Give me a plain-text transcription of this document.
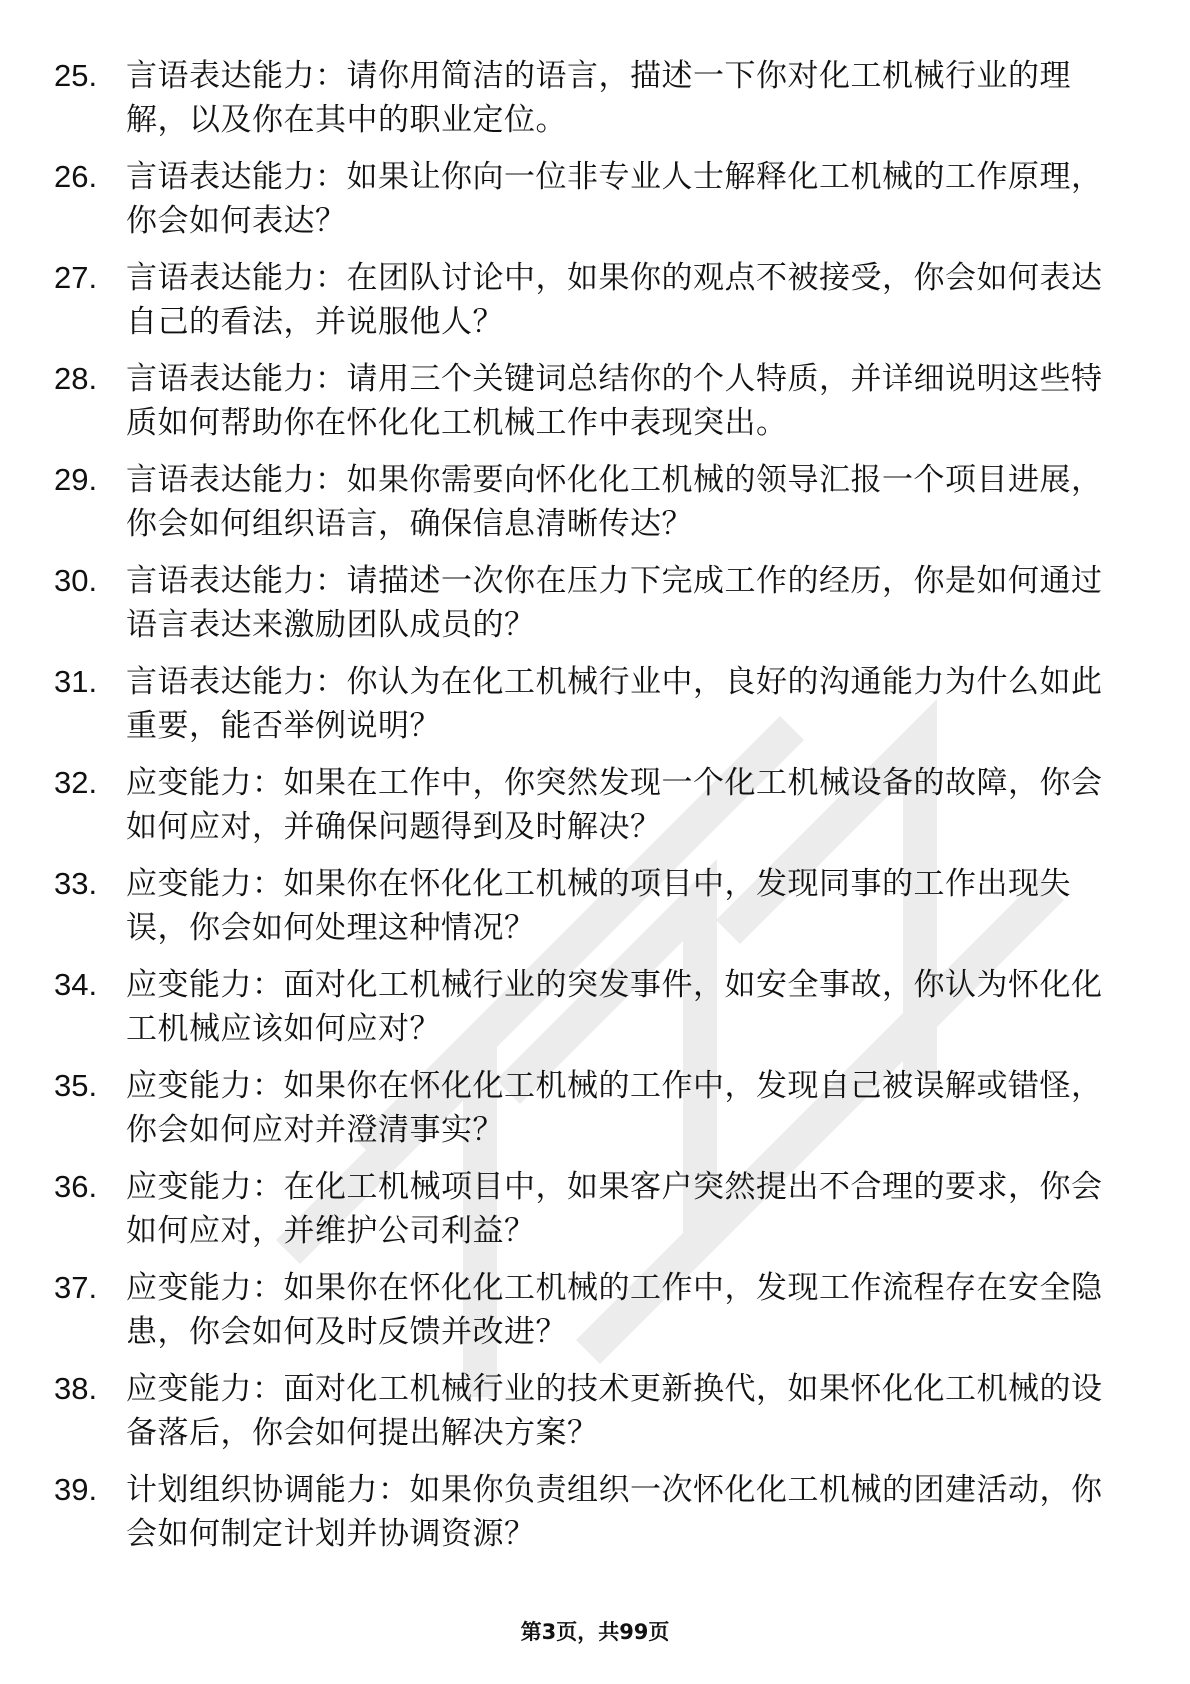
25. 言语表达能力：请你用简洁的语言，描述一下你对化工机械行业的理解，以及你在其中的职业定位。
26. 言语表达能力：如果让你向一位非专业人士解释化工机械的工作原理，你会如何表达？
27. 言语表达能力：在团队讨论中，如果你的观点不被接受，你会如何表达自己的看法，并说服他人？
28. 言语表达能力：请用三个关键词总结你的个人特质，并详细说明这些特质如何帮助你在怀化化工机械工作中表现突出。
29. 言语表达能力：如果你需要向怀化化工机械的领导汇报一个项目进展，你会如何组织语言，确保信息清晰传达？
30. 言语表达能力：请描述一次你在压力下完成工作的经历，你是如何通过语言表达来激励团队成员的？
31. 言语表达能力：你认为在化工机械行业中，良好的沟通能力为什么如此重要，能否举例说明？
32. 应变能力：如果在工作中，你突然发现一个化工机械设备的故障，你会如何应对，并确保问题得到及时解决？
33. 应变能力：如果你在怀化化工机械的项目中，发现同事的工作出现失误，你会如何处理这种情况？
34. 应变能力：面对化工机械行业的突发事件，如安全事故，你认为怀化化工机械应该如何应对？
35. 应变能力：如果你在怀化化工机械的工作中，发现自己被误解或错怪，你会如何应对并澄清事实？
36. 应变能力：在化工机械项目中，如果客户突然提出不合理的要求，你会如何应对，并维护公司利益？
37. 应变能力：如果你在怀化化工机械的工作中，发现工作流程存在安全隐患，你会如何及时反馈并改进？
38. 应变能力：面对化工机械行业的技术更新换代，如果怀化化工机械的设备落后，你会如何提出解决方案？
39. 计划组织协调能力：如果你负责组织一次怀化化工机械的团建活动，你会如何制定计划并协调资源？
第3页，共99页
